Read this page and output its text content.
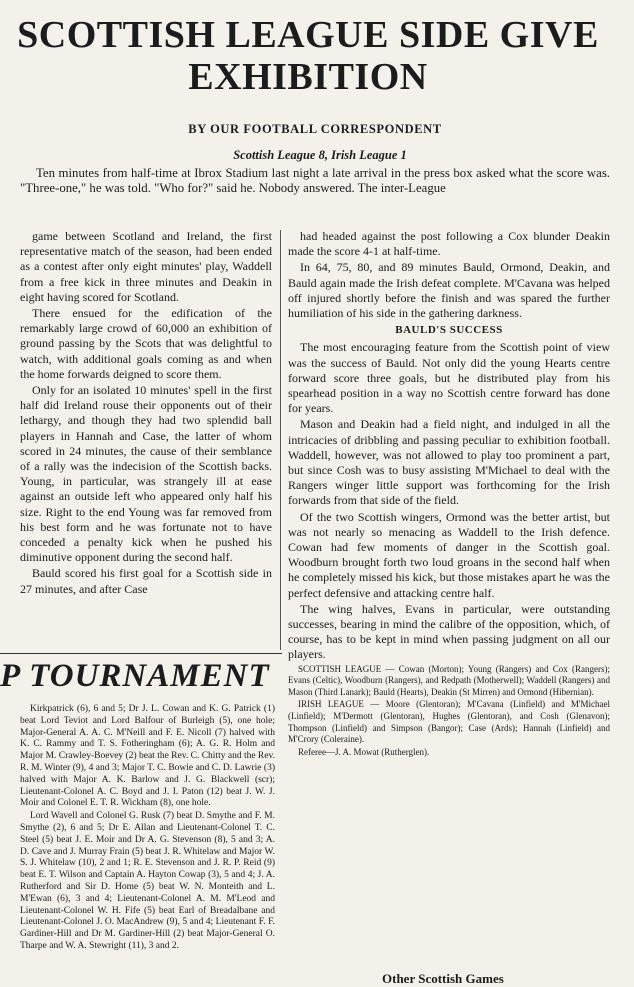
SCOTTISH LEAGUE SIDE GIVE
EXHIBITION
BY OUR FOOTBALL CORRESPONDENT
Scottish League 8, Irish League 1

Ten minutes from half-time at Ibrox Stadium last night a late arrival in the press box asked what the score was. "Three-one," he was told. "Who for?" said he. Nobody answered. The inter-League

game between Scotland and Ireland, the first representative match of the season, had been ended as a contest after only eight minutes' play, Waddell from a free kick in three minutes and Deakin in eight having scored for Scotland.

There ensued for the edification of the remarkably large crowd of 60,000 an exhibition of ground passing by the Scots that was delightful to watch, with additional goals coming as and when the home forwards deigned to score them.

Only for an isolated 10 minutes' spell in the first half did Ireland rouse their opponents out of their lethargy, and though they had two splendid ball players in Hannah and Case, the latter of whom scored in 24 minutes, the cause of their semblance of a rally was the indecision of the Scottish backs. Young, in particular, was strangely ill at ease against an outside left who appeared only half his size. Right to the end Young was far removed from his best form and he was fortunate not to have conceded a penalty kick when he pushed his diminutive opponent during the second half.

Bauld scored his first goal for a Scottish side in 27 minutes, and after Case

had headed against the post following a Cox blunder Deakin made the score 4-1 at half-time.

In 64, 75, 80, and 89 minutes Bauld, Ormond, Deakin, and Bauld again made the Irish defeat complete. M'Cavana was helped off injured shortly before the finish and was spared the further humiliation of his side in the gathering darkness.

BAULD'S SUCCESS

The most encouraging feature from the Scottish point of view was the success of Bauld. Not only did the young Hearts centre forward score three goals, but he distributed play from his spearhead position in a way no Scottish centre forward has done for years.

Mason and Deakin had a field night, and indulged in all the intricacies of dribbling and passing peculiar to exhibition football. Waddell, however, was not allowed to play too prominent a part, but since Cosh was to busy assisting M'Michael to deal with the Rangers winger little support was forthcoming for the Irish forwards from that side of the field.

Of the two Scottish wingers, Ormond was the better artist, but was not nearly so menacing as Waddell to the Irish defence. Cowan had few moments of danger in the Scottish goal. Woodburn brought forth two loud groans in the second half when he completely missed his kick, but those mistakes apart he was the perfect defensive and attacking centre half.

The wing halves, Evans in particular, were outstanding successes, bearing in mind the calibre of the opposition, which, of course, has to be kept in mind when passing judgment on all our players.

SCOTTISH LEAGUE — Cowan (Morton); Young (Rangers) and Cox (Rangers); Evans (Celtic), Woodburn (Rangers), and Redpath (Motherwell); Waddell (Rangers) and Mason (Third Lanark); Bauld (Hearts), Deakin (St Mirren) and Ormond (Hibernian).

IRISH LEAGUE — Moore (Glentoran); M'Cavana (Linfield) and M'Michael (Linfield); M'Dermott (Glentoran), Hughes (Glentoran), and Cosh (Glenavon); Thompson (Linfield) and Simpson (Bangor); Case (Ards); Hannah (Linfield) and M'Crory (Coleraine).

Referee—J. A. Mowat (Rutherglen).

P TOURNAMENT

Kirkpatrick (6), 6 and 5; Dr J. L. Cowan and K. G. Patrick (1) beat Lord Teviot and Lord Balfour of Burleigh (5), one hole; Major-General A. A. C. M'Neill and F. E. Nicoll (7) halved with K. C. Rammy and T. S. Fotheringham (6); A. G. R. Holm and Major M. Crawley-Boevey (2) beat the Rev. C. Chitty and the Rev. R. M. Winter (9), 4 and 3; Major T. C. Bowie and C. D. Lawrie (3) halved with Major A. K. Barlow and J. G. Blackwell (scr); Lieutenant-Colonel A. C. Boyd and J. I. Paton (12) beat J. W. J. Moir and Colonel E. T. R. Wickham (8), one hole.

Lord Wavell and Colonel G. Rusk (7) beat D. Smythe and F. M. Smythe (2), 6 and 5; Dr E. Allan and Lieutenant-Colonel T. C. Steel (5) beat J. E. Moir and Dr A. G. Stevenson (8), 5 and 3; A. D. Cave and J. Murray Frain (5) beat J. R. Whitelaw and Major W. S. J. Whitelaw (10), 2 and 1; R. E. Stevenson and J. R. P. Reid (9) beat E. T. Wilson and Captain A. Hayton Cowap (3), 5 and 4; J. A. Rutherford and Sir D. Home (5) beat W. N. Monteith and L. M'Ewan (6), 3 and 4; Lieutenant-Colonel A. M. M'Leod and Lieutenant-Colonel W. H. Fife (5) beat Earl of Breadalbane and Lieutenant-Colonel J. O. MacAndrew (9), 5 and 4; Lieutenant F. F. Gardiner-Hill and Dr M. Gardiner-Hill (2) beat Major-General O. Tharpe and W. A. Stewright (11), 3 and 2.

Other Scottish Games
